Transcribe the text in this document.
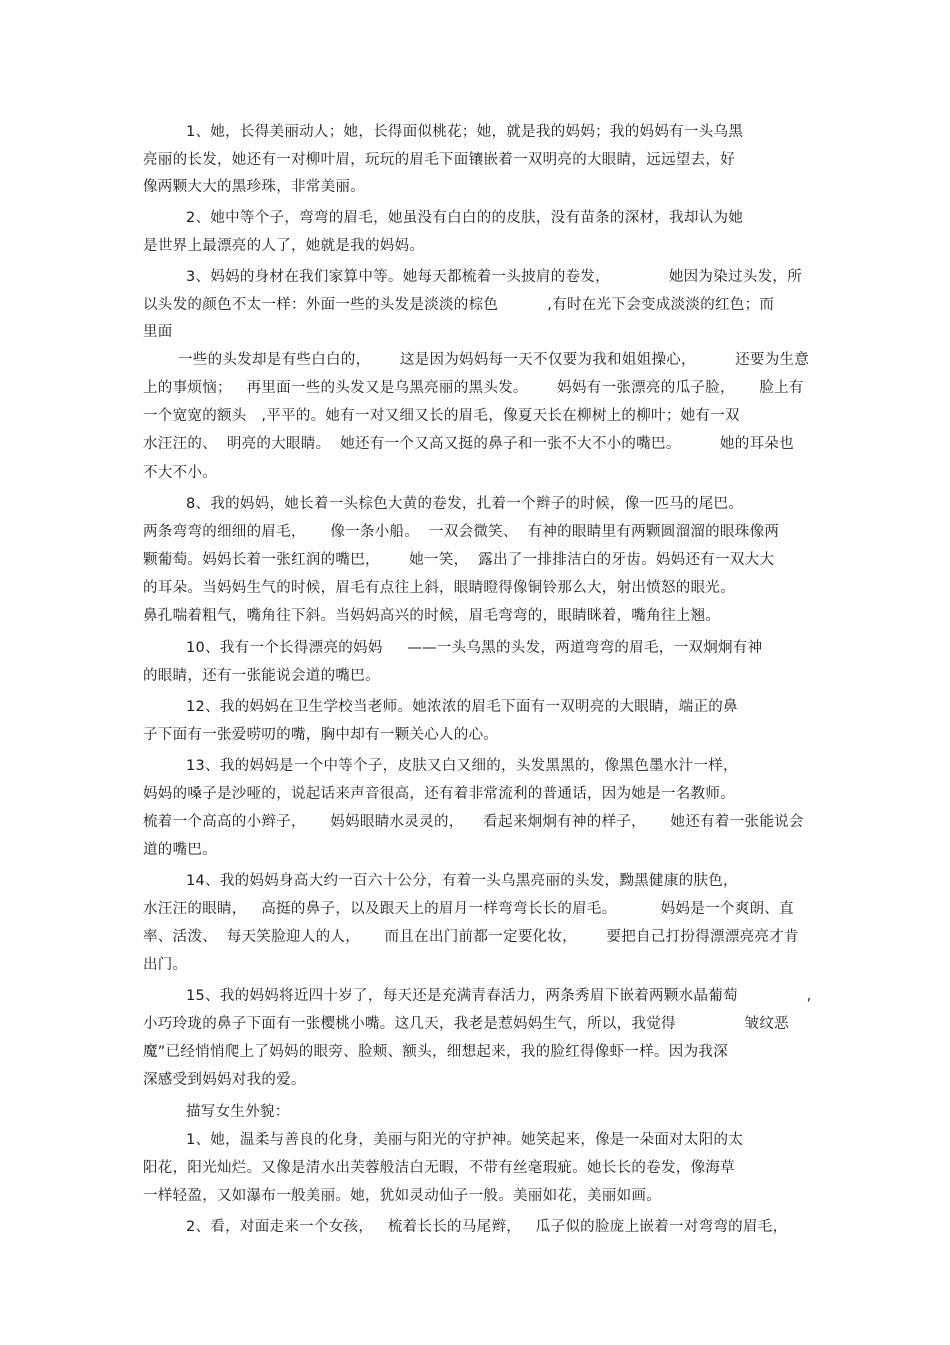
1、她，长得美丽动人；她，长得面似桃花；她，就是我的妈妈；我的妈妈有一头乌黑
亮丽的长发，她还有一对柳叶眉，玩玩的眉毛下面镶嵌着一双明亮的大眼睛，远远望去，好
像两颗大大的黑珍珠，非常美丽。
2、她中等个子，弯弯的眉毛，她虽没有白白的的皮肤，没有苗条的深材，我却认为她
是世界上最漂亮的人了，她就是我的妈妈。
3、妈妈的身材在我们家算中等。她每天都梳着一头披肩的卷发，            她因为染过头发，所
以头发的颜色不太一样：外面一些的头发是淡淡的棕色          ,有时在光下会变成淡淡的红色；而
里面
一些的头发却是有些白白的，      这是因为妈妈每一天不仅要为我和姐姐操心，        还要为生意
上的事烦恼；   再里面一些的头发又是乌黑亮丽的黑头发。      妈妈有一张漂亮的瓜子脸，     脸上有
一个宽宽的额头   ,平平的。她有一对又细又长的眉毛，像夏天长在柳树上的柳叶；她有一双
水汪汪的、  明亮的大眼睛。  她还有一个又高又挺的鼻子和一张不大不小的嘴巴。        她的耳朵也
不大不小。
8、我的妈妈，她长着一头棕色大黄的卷发，扎着一个辫子的时候，像一匹马的尾巴。
两条弯弯的细细的眉毛，     像一条小船。  一双会微笑、  有神的眼睛里有两颗圆溜溜的眼珠像两
颗葡萄。妈妈长着一张红润的嘴巴，      她一笑，  露出了一排排洁白的牙齿。妈妈还有一双大大
的耳朵。当妈妈生气的时候，眉毛有点往上斜，眼睛瞪得像铜铃那么大，射出愤怒的眼光。
鼻孔喘着粗气，嘴角往下斜。当妈妈高兴的时候，眉毛弯弯的，眼睛眯着，嘴角往上翘。
10、我有一个长得漂亮的妈妈     ——一头乌黑的头发，两道弯弯的眉毛，一双炯炯有神
的眼睛，还有一张能说会道的嘴巴。
12、我的妈妈在卫生学校当老师。她浓浓的眉毛下面有一双明亮的大眼睛，端正的鼻
子下面有一张爱唠叨的嘴，胸中却有一颗关心人的心。
13、我的妈妈是一个中等个子，皮肤又白又细的，头发黑黑的，像黑色墨水汁一样，
妈妈的嗓子是沙哑的，说起话来声音很高，还有着非常流利的普通话，因为她是一名教师。
梳着一个高高的小辫子，     妈妈眼睛水灵灵的，    看起来炯炯有神的样子，     她还有着一张能说会
道的嘴巴。
14、我的妈妈身高大约一百六十公分，有着一头乌黑亮丽的头发，黝黑健康的肤色，
水汪汪的眼睛，   高挺的鼻子，以及跟天上的眉月一样弯弯长长的眉毛。         妈妈是一个爽朗、直
率、活泼、  每天笑脸迎人的人，     而且在出门前都一定要化妆，      要把自己打扮得漂漂亮亮才肯
出门。
15、我的妈妈将近四十岁了，每天还是充满青春活力，两条秀眉下嵌着两颗水晶葡萄              ,
小巧玲珑的鼻子下面有一张樱桃小嘴。这几天，我老是惹妈妈生气，所以，我觉得              皱纹恶
魔”已经悄悄爬上了妈妈的眼旁、脸颊、额头，细想起来，我的脸红得像虾一样。因为我深
深感受到妈妈对我的爱。
描写女生外貌：
1、她，温柔与善良的化身，美丽与阳光的守护神。她笑起来，像是一朵面对太阳的太
阳花，阳光灿烂。又像是清水出芙蓉般洁白无暇，不带有丝毫瑕疵。她长长的卷发，像海草
一样轻盈，又如瀑布一般美丽。她，犹如灵动仙子一般。美丽如花，美丽如画。
2、看，对面走来一个女孩，   梳着长长的马尾辫，   瓜子似的脸庞上嵌着一对弯弯的眉毛，
